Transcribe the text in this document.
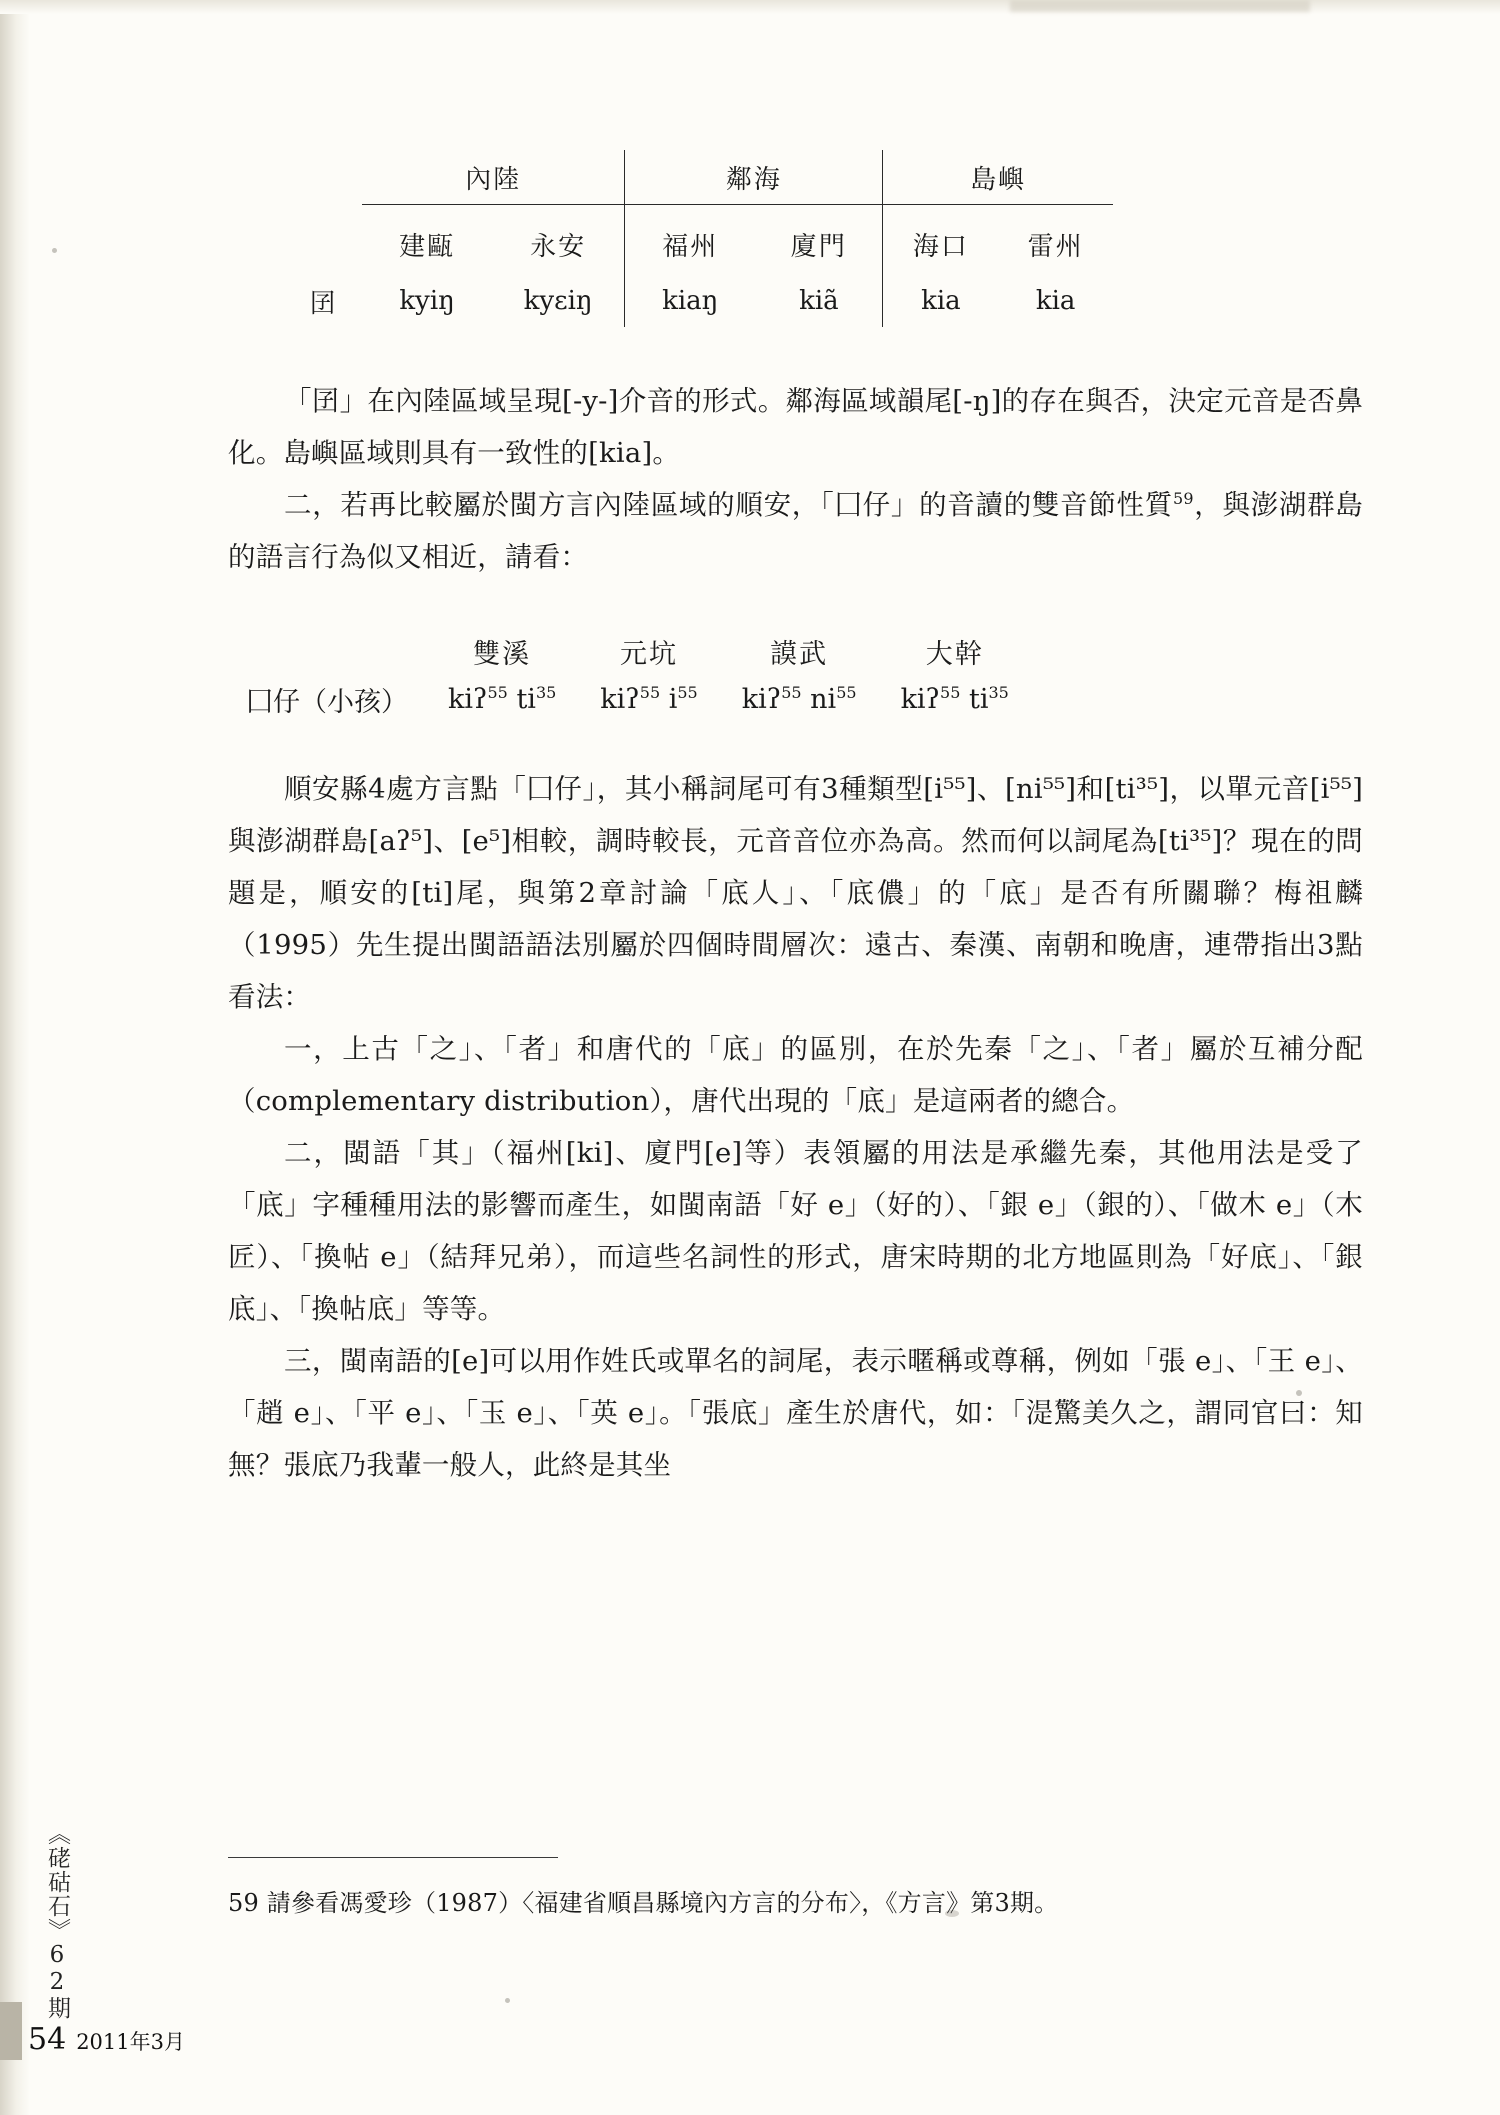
	內陸		鄰海		島嶼	
	建甌	永安	福州	廈門	海口	雷州
囝	kyiŋ	kyɛiŋ	kiaŋ	kiã	kia	kia

「囝」在內陸區域呈現[-y-]介音的形式。鄰海區域韻尾[-ŋ]的存在與否，決定元音是否鼻化。島嶼區域則具有一致性的[kia]。

二，若再比較屬於閩方言內陸區域的順安，「囗仔」的音讀的雙音節性質$^{59}$，與澎湖群島的語言行為似又相近，請看：

	雙溪	元坑	謨武	大幹
囗仔（小孩）	kiʔ$^{55}$ $ti^{35}$	kiʔ$^{55}$ $i^{55}$	kiʔ$^{55}$ $ni^{55}$	kiʔ$^{55}$ $ti^{35}$

順安縣4處方言點「囗仔」，其小稱詞尾可有3種類型[i⁵⁵]、[ni⁵⁵]和[ti³⁵]，以單元音[i⁵⁵]與澎湖群島[aʔ⁵]、[e⁵]相較，調時較長，元音音位亦為高。然而何以詞尾為[ti³⁵]？現在的問題是，順安的[ti]尾，與第2章討論「底人」、「底儂」的「底」是否有所關聯？梅祖麟（1995）先生提出閩語語法別屬於四個時間層次：遠古、秦漢、南朝和晚唐，連帶指出3點看法：

一，上古「之」、「者」和唐代的「底」的區別，在於先秦「之」、「者」屬於互補分配（complementary distribution），唐代出現的「底」是這兩者的總合。

二，閩語「其」（福州[ki]、廈門[e]等）表領屬的用法是承繼先秦，其他用法是受了「底」字種種用法的影響而產生，如閩南語「好 e」（好的）、「銀 e」（銀的）、「做木 e」（木匠）、「換帖 e」（結拜兄弟），而這些名詞性的形式，唐宋時期的北方地區則為「好底」、「銀底」、「換帖底」等等。

三，閩南語的[e]可以用作姓氏或單名的詞尾，表示暱稱或尊稱，例如「張 e」、「王 e」、「趙 e」、「平 e」、「玉 e」、「英 e」。「張底」產生於唐代，如：「湜驚美久之，謂同官曰：知無？張底乃我輩一般人，此終是其坐

59 請參看馮愛珍（1987）〈福建省順昌縣境內方言的分布〉，《方言》第3期。
《硓𥑮石》62期
54 2011年3月
